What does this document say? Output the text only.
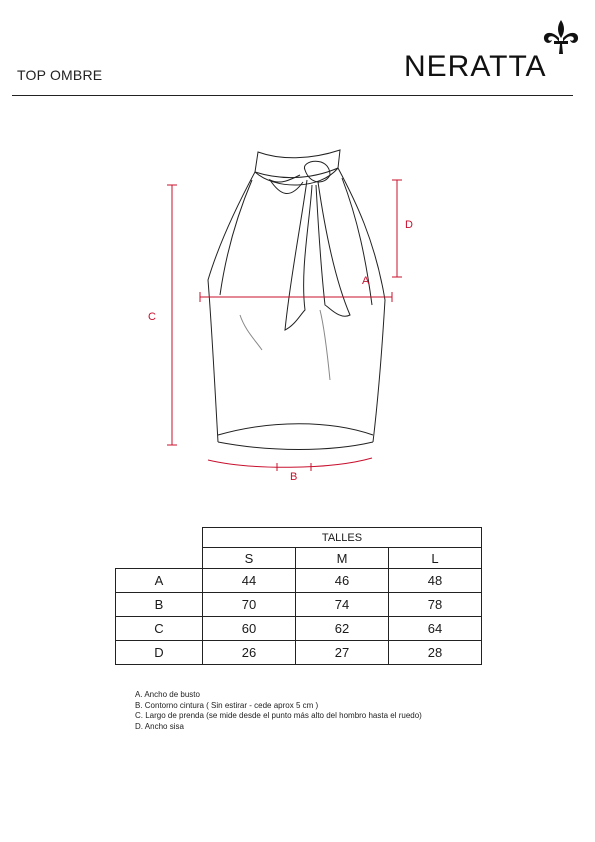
TOP OMBRE	NERATTA
A
B
C
D
	TALLES		
	S	M	L
A	44	46	48
B	70	74	78
C	60	62	64
D	26	27	28
A. Ancho de busto
B. Contorno cintura ( Sin estirar - cede aprox 5 cm )
C. Largo de prenda (se mide desde el punto más alto del hombro hasta el ruedo)
D. Ancho sisa
